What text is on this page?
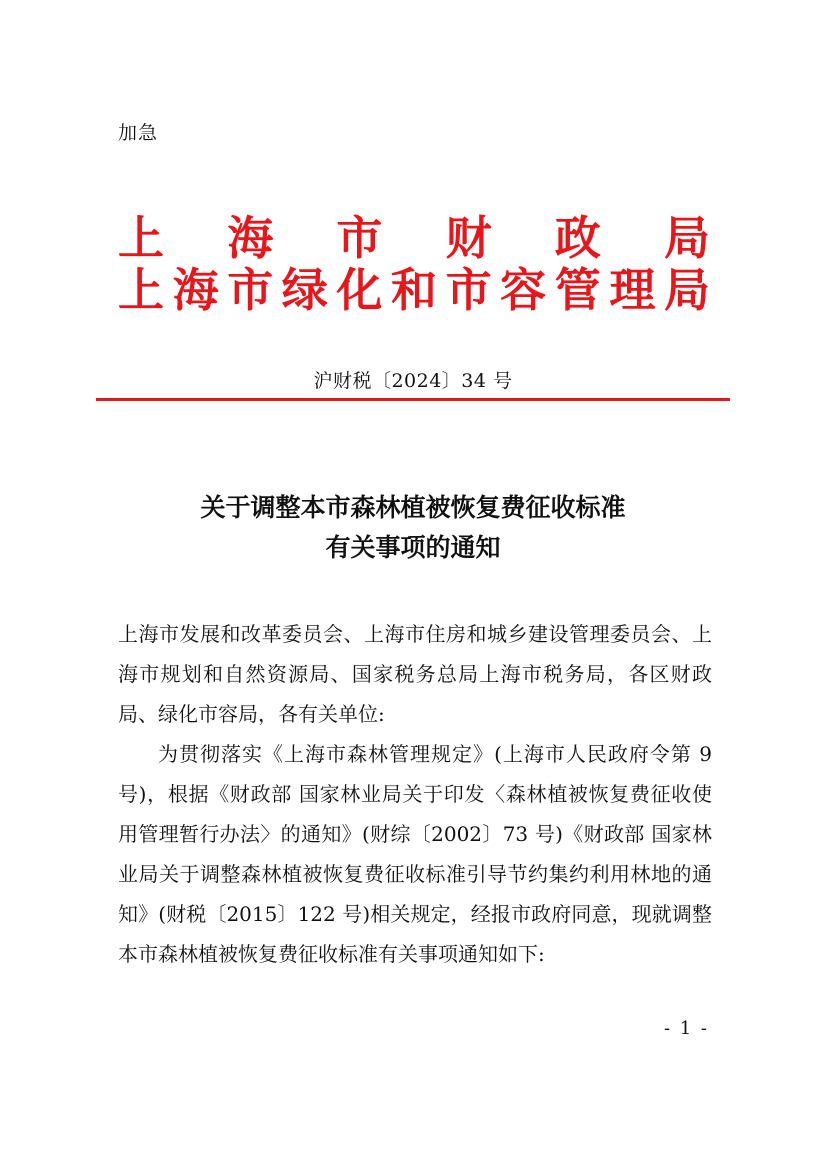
加急
上 海 市 财 政 局
上 海 市 绿 化 和 市 容 管 理 局
沪财税〔2024〕34 号
关于调整本市森林植被恢复费征收标准
有关事项的通知

上海市发展和改革委员会、上海市住房和城乡建设管理委员会、上海市规划和自然资源局、国家税务总局上海市税务局，各区财政局、绿化市容局，各有关单位:

为贯彻落实《上海市森林管理规定》(上海市人民政府令第 9 号)，根据《财政部 国家林业局关于印发〈森林植被恢复费征收使用管理暂行办法〉的通知》(财综〔2002〕73 号)《财政部 国家林业局关于调整森林植被恢复费征收标准引导节约集约利用林地的通知》(财税〔2015〕122 号)相关规定，经报市政府同意，现就调整本市森林植被恢复费征收标准有关事项通知如下:

- 1 -
